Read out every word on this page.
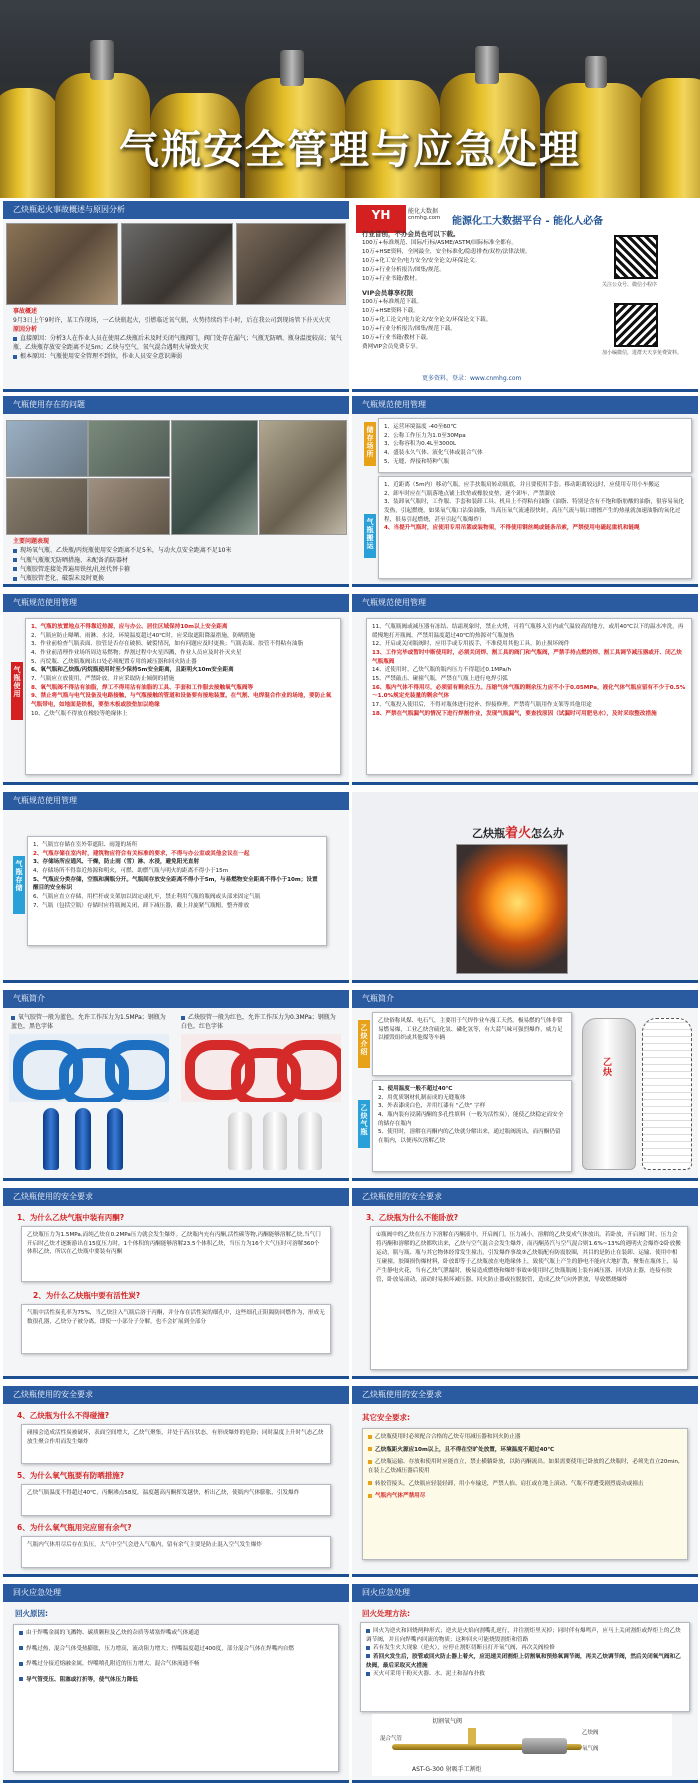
气瓶安全管理与应急处理
乙炔瓶起火事故概述与原因分析
事故概述
9月3日上午9时许，某工作现场，一乙炔瓶起火，引燃临近氧气瓶，火势持续约半小时，后在我公司到现场管下扑灭火灾
原因分析
直接原因：分析3人在作业人员在使用乙炔瓶后未及时关闭气瓶阀门，阀门处存在漏气；气瓶无防晒、瓶身温度较高；氧气瓶、乙炔瓶存放安全距离不足5m；乙炔与空气、氧气混合遇明火导致火灾
根本原因：气瓶使用安全管理不到位，作业人员安全意识薄弱
YH	能化大数据
cnmhg.com 能源化工大数据平台 - 能化人必备
行业首创，不办会员也可以下载。
100万+标准规范、国际/行标/ASME/ASTM/国际标准全都有。
10万+HSE资料，全网最全，安全标准化/隐患排查/双控/法律法规。
10万+化工安全/电力安全/安全论文/环保论文。
10万+行业分析报告/图集/规范。
10万+行业书籍/教材。
VIP会员尊享权限
100万+标准规范下载。
10万+HSE资料下载。
10万+化工论文/电力论文/安全论文/环保论文下载。
10万+行业分析报告/图集/规范下载。
10万+行业书籍/教材下载。
费网VIP会员免费专享。
更多资料，登录：www.cnmhg.com
关注公众号、微信小程序
加小编微信，进群天天享免费资料。
气瓶使用存在的问题
主要问题表现
现场氧气瓶、乙炔瓶/丙烷瓶使用安全距离不足5米，与动火点安全距离不足10米
气瓶气瓶瓶无防晒措施、未配备消防器材
气瓶胶管连接处普遍用铁丝/扎丝代替卡箍
气瓶胶管老化、破裂未及时更换
气瓶规范使用管理
储存场所
1、运营环境温度 -40至60℃
2、公称工作压力为1.0至30Mpa
3、公称容积为0.4L至3000L
4、盛装永久气体、液化气体或混合气体
5、无缝、焊接和特种气瓶
气瓶搬运
1、近距离（5m内）移动气瓶，应手扶瓶肩转动瓶底，并且要使用手套。移动距离较远时，应使用专用小车搬运
2、卸车时应在气瓶落地点铺上软垫或橡胶皮垫，逐个卸车，严禁溜放
3、装卸氧气瓶时，工作服、手套和装卸工具、机具上不得粘有油脂（油脂、特别是含有不饱和脂肪酸的油脂，很容易氧化发热，引起燃烧，如果氧气瓶口沾染油脂，当高压氧气流速很快时，高压气流与瓶口磨擦产生的热量就加速油脂的氧化过程，很易引起燃烧，甚至引起气瓶爆炸）
4、当提升气瓶时，应使用专用吊篮或装物架，不得使用钢丝绳或链条吊索，严禁使用电磁起重机和链绳
气瓶规范使用管理
气瓶使用
1、气瓶的放置地点不得靠近热源，应与办公、居住区域保持10m以上安全距离
2、气瓶应防止曝晒、雨淋、水浸，环境温度超过40℃时，应采取遮阳降温措施，防晒措施
3、作业前检查气瓶表面、胶管是否存在破损、破裂情况，如有问题应及时更换；气瓶表面、胶管不得粘有油脂
4、作业前清理作业场所周边易燃物；焊割过程中火星四溅，作业人员应及时扑灭火星
5、丙烷瓶、乙炔瓶瓶阀出口处必须配置专用的减压器和回火防止器
6、氧气瓶和乙炔瓶/丙烷瓶使用时至少保持5m安全距离，且距明火10m安全距离
7、气瓶应立放使用，严禁卧放，并应采取防止倾倒的措施
8、氧气瓶阀不得沾有油脂，焊工不得用沾有油脂的工具、手套和工作服去接触氧气瓶阀等
9、禁止将气瓶与电气设备及电路接触，与气瓶接触的管道和设备要有接地装置。在气割、电焊混合作业的场地，要防止氧气瓶带电，如地面是铁板，要垫木板或胶垫加以绝缘
10、乙炔气瓶不得放在橡胶等绝缘体上
气瓶规范使用管理
11、气瓶瓶阀或减压器有冻结、结霜现象时，禁止火烤，可将气瓶移入室内或气温较高的地方，或用40℃以下的温水冲洗，再缓慢地打开瓶阀，严禁用温度超过40℃的热源对气瓶加热
12、开启或关闭瓶阀时，应用手或专用扳手，不准使用其他工具，防止损坏阀件
13、工作完毕或暂时中断使用时，必须关闭焊、割工具的阀门和气瓶阀，严禁手持点燃的焊、割工具调节减压器或开、闭乙炔气瓶瓶阀
14、近使用时，乙炔气瓶的瓶内压力不得超过0.1MPa/h
15、严禁敲击、碰撞气瓶，严禁在气瓶上进行电焊引弧
16、瓶内气体不得用尽，必须留有剩余压力。压缩气体气瓶的剩余压力应不小于0.05MPa，液化气体气瓶应留有不少于0.5%～1.0%规定充装量的剩余气体
17、气瓶投入使用后，不得对瓶体进行挖补、焊接修理。严禁将气瓶用作支架等其他用途
18、严禁在气瓶漏气的情况下进行焊割作业，发现气瓶漏气，要查找原因（试漏时可用肥皂水），及时采取整改措施
气瓶规范使用管理
气瓶存储
1、气瓶宜存储在室外带遮阳、雨篷的场所
2、气瓶存储在室内时，建筑物应符合有关标准的要求，不得与办公室或其他会议在一起
3、存储场所应通风、干燥，防止雨（雪）淋、水浸，避免阳光直射
4、存储场所不得靠近热源和明火，可燃、助燃气瓶与明火的距离不得小于15m
5、气瓶应分类存储，空瓶和满瓶分开。气瓶间存放安全距离不得小于5m，与易燃物安全距离不得小于10m；设置醒目的安全标识
6、气瓶应直立存储，用栏杆或支架加以固定或扎牢，禁止利用气瓶的瓶阀或头部来固定气瓶
7、气瓶（包括空瓶）存储时应将瓶阀关闭，卸下减压器，戴上并旋紧气瓶帽，整齐排放
乙炔瓶着火怎么办
气瓶简介
氧气胶管一般为蓝色，允许工作压力为1.5MPa；钢瓶为蓝色，黑色字体
乙炔胶管一般为红色，允许工作压力为0.3MPa；钢瓶为白色，红色字体
气瓶简介
乙炔介绍
乙炔俗称风煤、电石气，主要用于气焊作业车漫工天然。极易燃的气体非常易燃易爆，工业乙炔含硫化氢、磷化氢等，有大蒜气味可强烈爆炸，威力足以摧毁组织或其他煤等车辆
乙炔气瓶
1、使用温度一般不超过40℃
2、用优质钢材轧制而成的无缝瓶体
3、外表漆成白色，并用红漆有 "乙炔" 字样
4、瓶内装有浸满丙酮的多孔性填料（一般为活性炭），能使乙炔稳定而安全的储存在瓶内
5、使用时，溶解在丙酮内的乙炔就分解出来，通过瓶阀流出，而丙酮仍留在瓶内，以便再次溶解乙炔
乙炔
乙炔瓶使用的安全要求
1、为什么乙炔气瓶中装有丙酮?
乙炔瓶压力为1.5MPa,而纯乙炔在0.2MPa压力就会发生爆炸。乙炔瓶内充有丙酮,活性碳等物,丙酮能够溶解乙炔,当气门开启时乙炔才逐渐游出在15度压力时，1个体积的丙酮能够溶解23.5个体积乙炔，当压力为16个大气压时可溶解360个体积乙炔，所以在乙炔瓶中要装有丙酮
2、为什么乙炔瓶中要有活性炭?
气瓶中活性炭孔率为75%，当乙炔注入气瓶后溶于丙酮，并分布在活性炭的细孔中，这些细孔正阻隔防回燃作为，形成无数很孔器，乙炔分子被分离，即使一小部分子分解，也不会扩展到全部分
乙炔瓶使用的安全要求
3、乙炔瓶为什么不能卧放?
①瓶阀中的乙炔在压力下溶解在丙酮液中，开启阀门，压力减小，溶解的乙炔变成气体放出。若卧放，开启阀门时，压力会将丙酮和溶解的乙炔都吹出来，乙炔与空气混合会发生爆炸，而丙酮蒸汽与空气混合则1.6%~13%的遇明火会爆炸②卧放搬运动，瓶与瓶、瓶与其它物体经常发生撞击，引发爆炸事故③乙炔瓶配有防震胶圈，其目的是防止在装卸、运输、使用中相互碰撞。胶圈损伤爆材料，卧放即等于乙炔瓶放在电绝缘体上，致使气瓶上产生的静电不能向大地扩散，聚集在瓶体上，易产生静电火花，当有乙炔气泄漏时，极易造成燃烧和爆炸事故④使用时乙炔瓶瓶阀上装有减压器、回火防止器，连接有胶管，卧放易滚动，滚动时易损坏减压器、回火防止器或拉脱胶管，造成乙炔气向外泄放，导致燃烧爆炸
乙炔瓶使用的安全要求
4、乙炔瓶为什么不得碰撞?
碰撞会造成活性炭被破坏，表面空间增大，乙炔气聚集，并处于高压状态，有形成爆炸的危险；同时温度上升时气态乙炔放生聚合作用而发生爆炸
5、为什么氧气瓶要有防晒措施?
乙炔气瓶温度不得超过40℃，丙酮沸点58度，温度越高丙酮挥发越快，析出乙炔，使瓶内气体膨胀，引发爆炸
6、为什么氧气瓶用完应留有余气?
气瓶内气体用尽后存在负压，大气中空气会进入气瓶内，留有余气主要是防止混入空气发生爆炸
乙炔瓶使用的安全要求
其它安全要求:
乙炔瓶使用时必须配合合格的乙炔专用减压器和回火防止器
乙炔瓶距火源应10m以上，且不得在空旷处放置，环境温度不超过40℃
乙炔瓶运输、存放和使用时应能直立，禁止横躺卧放，以防丙酮流出。如果需要使用已卧放的乙炔瓶时，必须先直立20min,在装上乙炔减压器后使用
转胶管接头，乙炔瓶应轻装轻卸，用小车输送，严禁人抬、肩扛或在地上滚动、气瓶不得遭受剧烈震动或撞击
气瓶内气体严禁用尽
回火应急处理
回火原因:
由于焊嘴金属的飞溅物、碳质颗粒及乙炔的杂质等堵塞焊嘴或气体通道
焊嘴过热，混合气体受热膨胀，压力增高，流动阻力增大；焊嘴温度超过400度，部分混合气体在焊嘴内自燃
焊嘴过分接近熔融金属，焊嘴喷孔附近的压力增大，混合气体流通不畅
导气管受压、阻塞或打折等，使气体压力降低
回火应急处理
回火处理方法:
回火为逆火和回烧两种形式；逆火是火焰向割嘴孔逆行，并往割炬里灭掉；同时伴有爆鸣声，应马上关闭割炬或焊炬上的乙炔调节阀，并且向焊嘴内回流的物质；这种回火可能烧毁割炬和管路
若有发生火大现象（逆火），应停止割炬切断且打开氧气阀，再次关阀检修
若回火发生后，胶管或回火防止器上着火，应迅速关闭割炬上切割氧和预热氧调节阀，再关乙炔调节阀，然后关闭氧气阀和乙炔阀，最后采取灭火措施
灭火可采用干粉灭火器、水、泥土和湿布扑救
切割氧气阀
混合气管
乙炔阀
氧气阀
AST-G-300 射吸手工割炬
